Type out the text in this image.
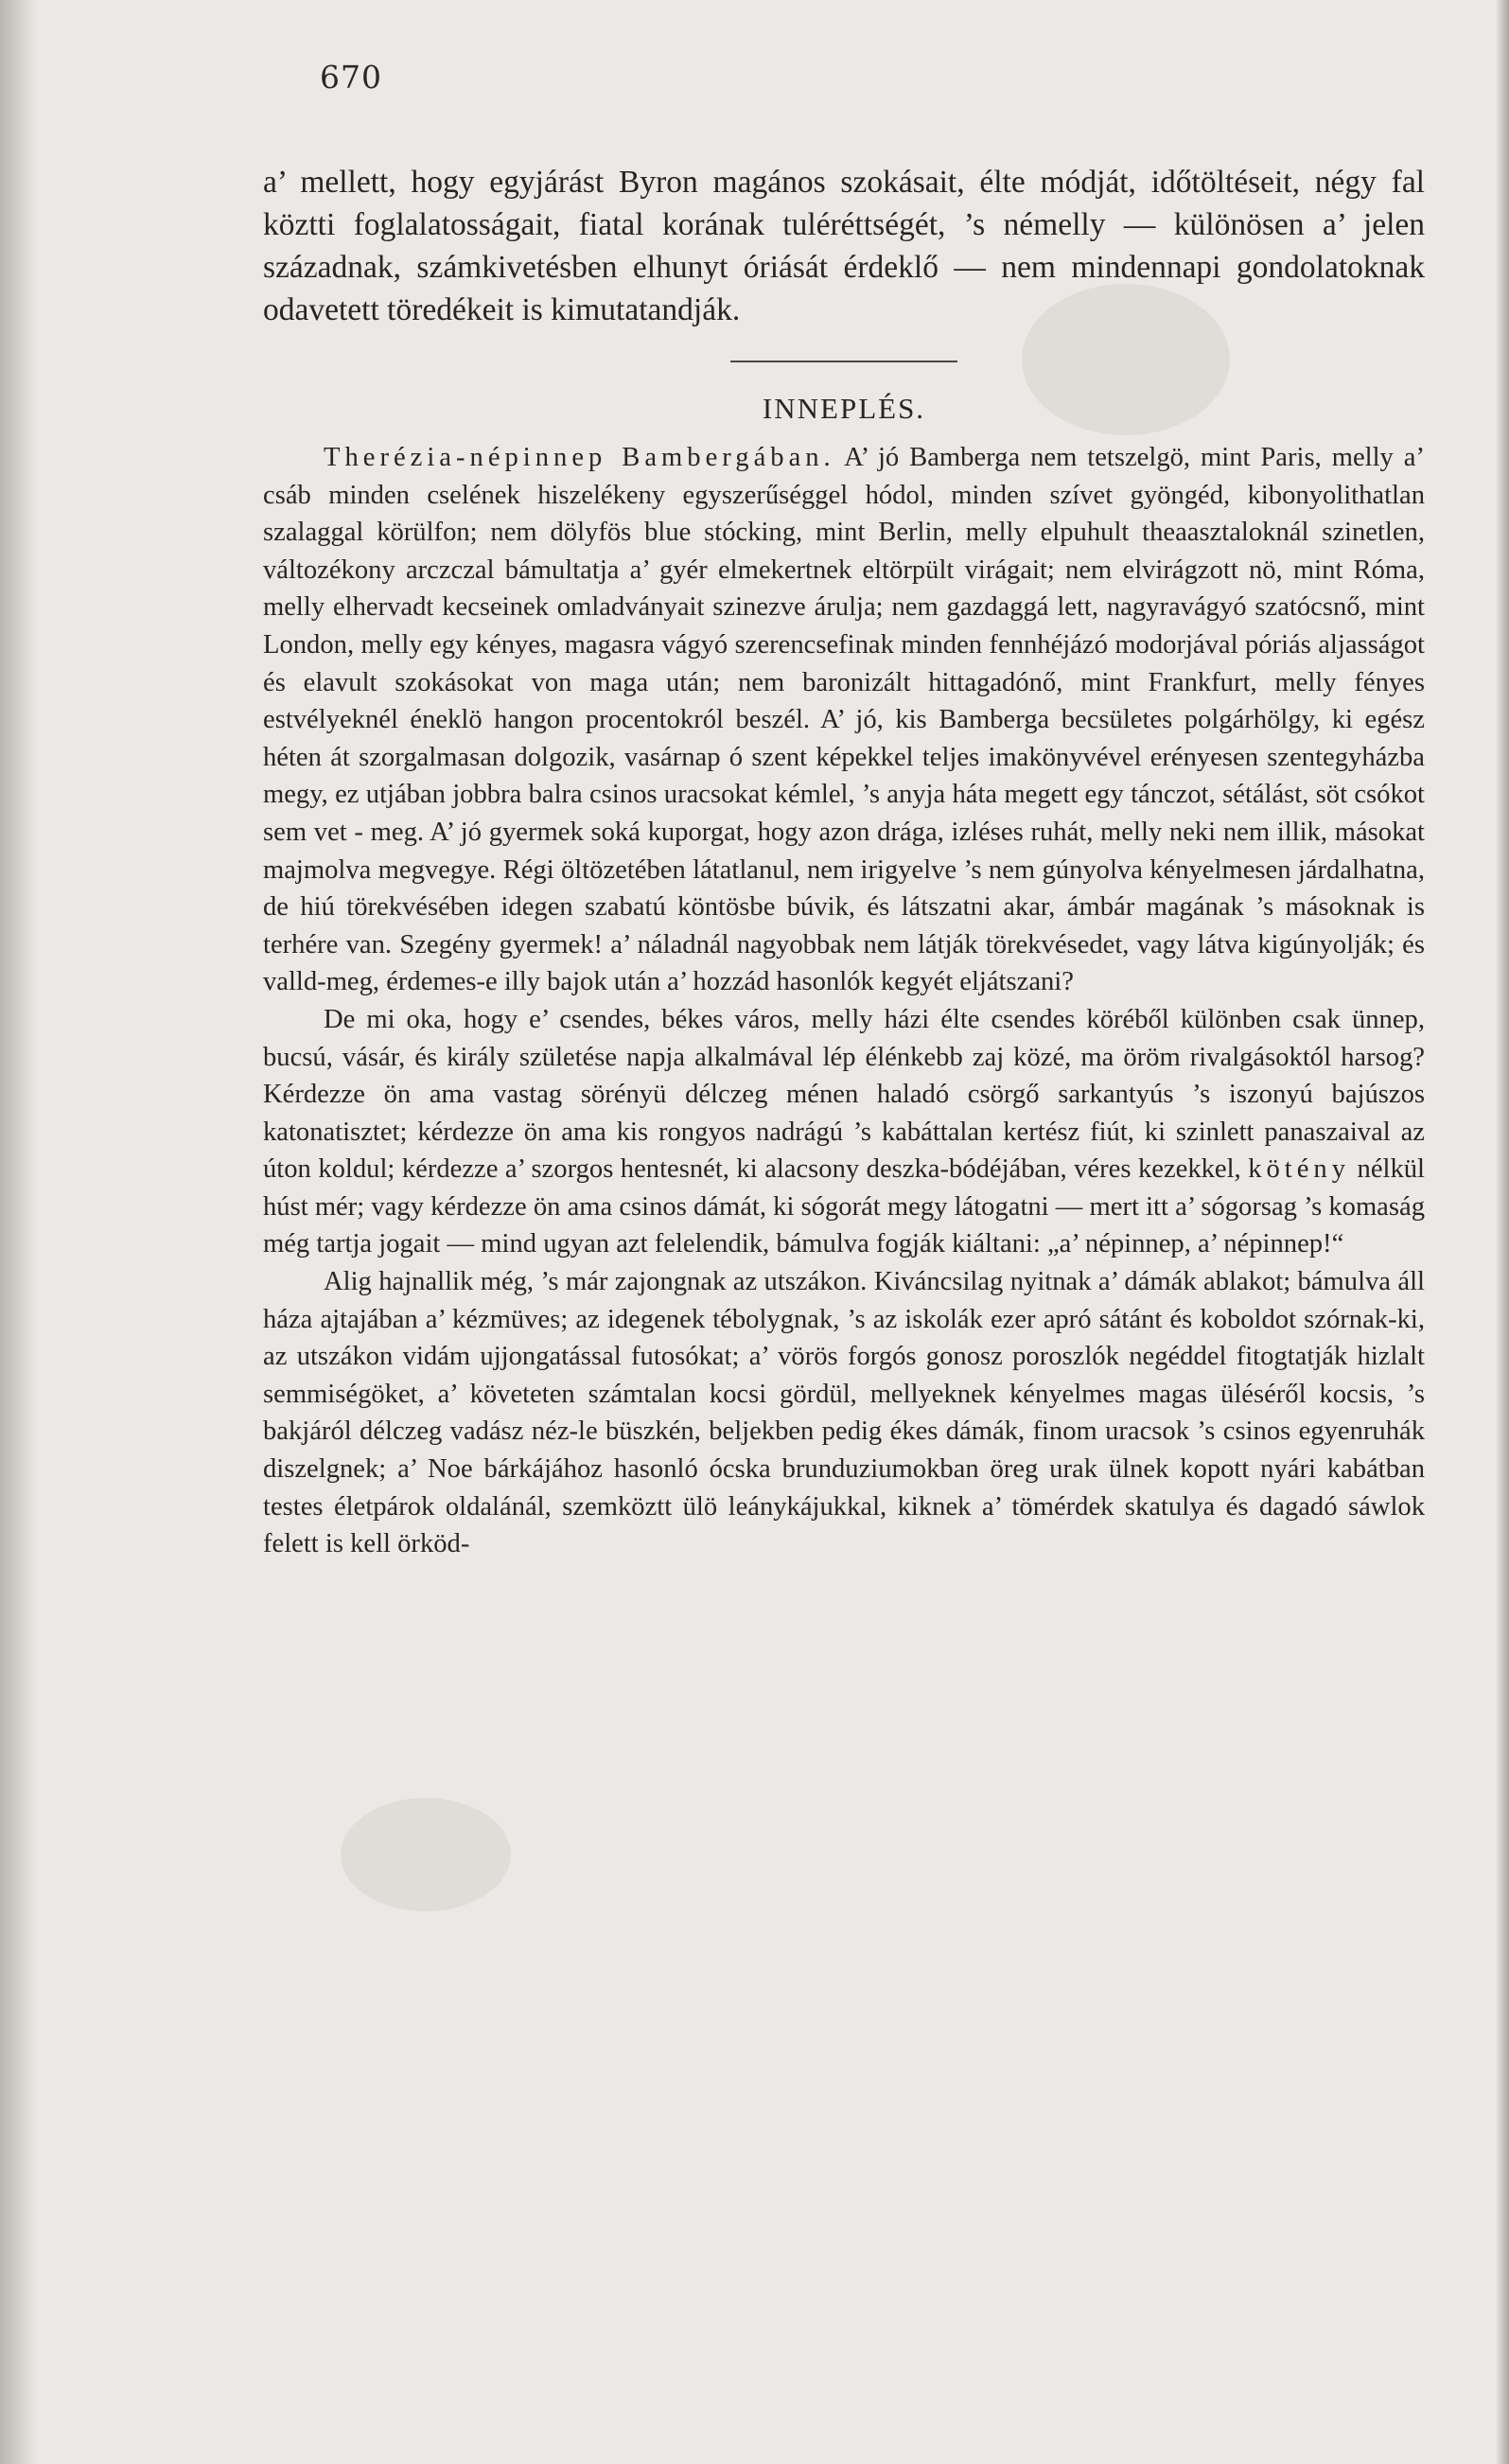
670

a’ mellett, hogy egyjárást Byron magános szokásait, élte módját, időtöltéseit, négy fal köztti foglalatosságait, fiatal korának tuléréttségét, ’s némelly — különösen a’ jelen századnak, számkivetésben elhunyt óriását érdeklő — nem mindennapi gondolatoknak odavetett töredékeit is kimutatandják.

INNEPLÉS.

Therézia-népinnep Bambergában. A’ jó Bamberga nem tetszelgö, mint Paris, melly a’ csáb minden cselének hiszelékeny egyszerűséggel hódol, minden szívet gyöngéd, kibonyolithatlan szalaggal körülfon; nem dölyfös blue stócking, mint Berlin, melly elpuhult theaasztaloknál szinetlen, változékony arczczal bámultatja a’ gyér elmekertnek eltörpült virágait; nem elvirágzott nö, mint Róma, melly elhervadt kecseinek omladványait szinezve árulja; nem gazdaggá lett, nagyravágyó szatócsnő, mint London, melly egy kényes, magasra vágyó szerencsefinak minden fennhéjázó modorjával póriás aljasságot és elavult szokásokat von maga után; nem baronizált hittagadónő, mint Frankfurt, melly fényes estvélyeknél éneklö hangon procentokról beszél. A’ jó, kis Bamberga becsületes polgárhölgy, ki egész héten át szorgalmasan dolgozik, vasárnap ó szent képekkel teljes imakönyvével erényesen szentegyházba megy, ez utjában jobbra balra csinos uracsokat kémlel, ’s anyja háta megett egy tánczot, sétálást, söt csókot sem vet - meg. A’ jó gyermek soká kuporgat, hogy azon drága, izléses ruhát, melly neki nem illik, másokat majmolva megvegye. Régi öltözetében látatlanul, nem irigyelve ’s nem gúnyolva kényelmesen járdalhatna, de hiú törekvésében idegen szabatú köntösbe búvik, és látszatni akar, ámbár magának ’s másoknak is terhére van. Szegény gyermek! a’ náladnál nagyobbak nem látják törekvésedet, vagy látva kigúnyolják; és valld-meg, érdemes-e illy bajok után a’ hozzád hasonlók kegyét eljátszani?

De mi oka, hogy e’ csendes, békes város, melly házi élte csendes köréből különben csak ünnep, bucsú, vásár, és király születése napja alkalmával lép élénkebb zaj közé, ma öröm rivalgásoktól harsog? Kérdezze ön ama vastag sörényü délczeg ménen haladó csörgő sarkantyús ’s iszonyú bajúszos katonatisztet; kérdezze ön ama kis rongyos nadrágú ’s kabáttalan kertész fiút, ki szinlett panaszaival az úton koldul; kérdezze a’ szorgos hentesnét, ki alacsony deszka-bódéjában, véres kezekkel, kötény nélkül húst mér; vagy kérdezze ön ama csinos dámát, ki sógorát megy látogatni — mert itt a’ sógorsag ’s komaság még tartja jogait — mind ugyan azt felelendik, bámulva fogják kiáltani: „a’ népinnep, a’ népinnep!“

Alig hajnallik még, ’s már zajongnak az utszákon. Kiváncsilag nyitnak a’ dámák ablakot; bámulva áll háza ajtajában a’ kézmüves; az idegenek tébolygnak, ’s az iskolák ezer apró sátánt és koboldot szórnak-ki, az utszákon vidám ujjongatással futosókat; a’ vörös forgós gonosz poroszlók negéddel fitogtatják hizlalt semmiségöket, a’ követeten számtalan kocsi gördül, mellyeknek kényelmes magas üléséről kocsis, ’s bakjáról délczeg vadász néz-le büszkén, beljekben pedig ékes dámák, finom uracsok ’s csinos egyenruhák diszelgnek; a’ Noe bárkájához hasonló ócska brunduziumokban öreg urak ülnek kopott nyári kabátban testes életpárok oldalánál, szemköztt ülö leánykájukkal, kiknek a’ tömérdek skatulya és dagadó sáwlok felett is kell örköd-
